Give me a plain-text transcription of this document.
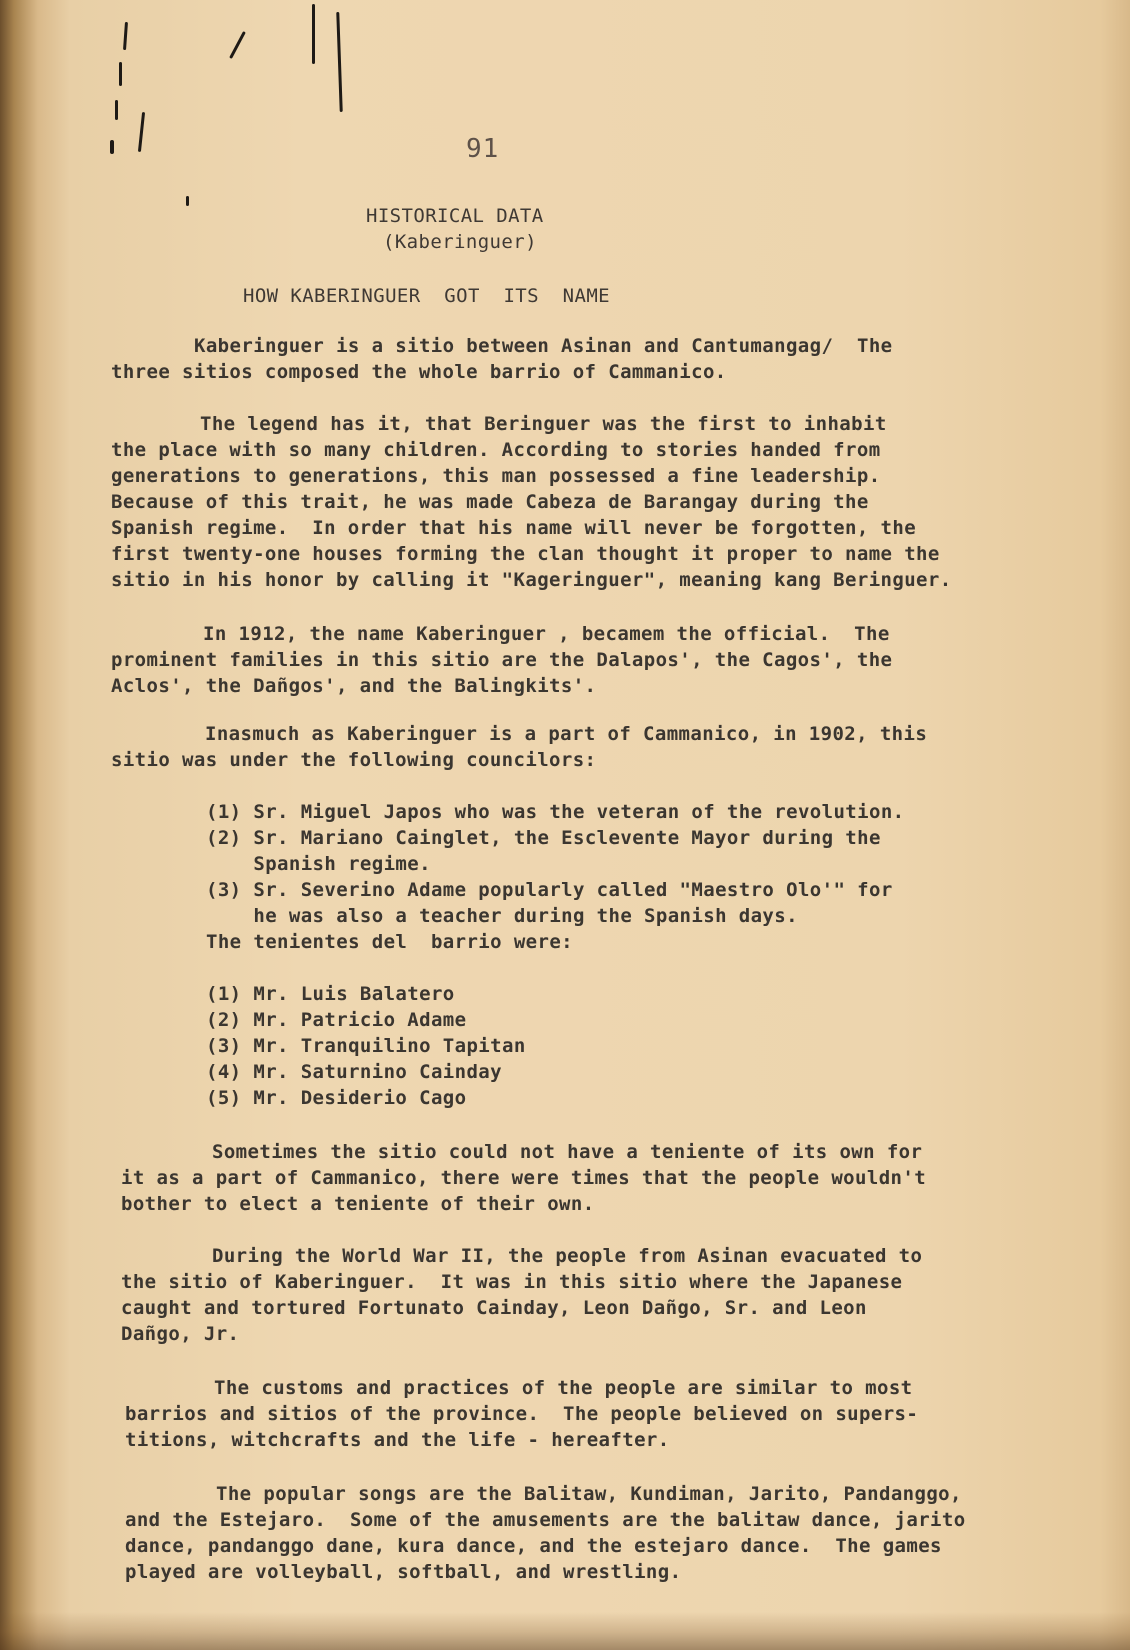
91

HISTORICAL DATA

(Kaberinguer)

HOW KABERINGUER  GOT  ITS  NAME

Kaberinguer is a sitio between Asinan and Cantumangag/  The

three sitios composed the whole barrio of Cammanico.

The legend has it, that Beringuer was the first to inhabit

the place with so many children. According to stories handed from

generations to generations, this man possessed a fine leadership.

Because of this trait, he was made Cabeza de Barangay during the

Spanish regime.  In order that his name will never be forgotten, the

first twenty-one houses forming the clan thought it proper to name the

sitio in his honor by calling it "Kageringuer", meaning kang Beringuer.

In 1912, the name Kaberinguer , becamem the official.  The

prominent families in this sitio are the Dalapos', the Cagos', the

Aclos', the Dañgos', and the Balingkits'.

Inasmuch as Kaberinguer is a part of Cammanico, in 1902, this

sitio was under the following councilors:

(1) Sr. Miguel Japos who was the veteran of the revolution.

(2) Sr. Mariano Cainglet, the Esclevente Mayor during the

Spanish regime.

(3) Sr. Severino Adame popularly called "Maestro Olo'" for

he was also a teacher during the Spanish days.

The tenientes del  barrio were:

(1) Mr. Luis Balatero

(2) Mr. Patricio Adame

(3) Mr. Tranquilino Tapitan

(4) Mr. Saturnino Cainday

(5) Mr. Desiderio Cago

Sometimes the sitio could not have a teniente of its own for

it as a part of Cammanico, there were times that the people wouldn't

bother to elect a teniente of their own.

During the World War II, the people from Asinan evacuated to

the sitio of Kaberinguer.  It was in this sitio where the Japanese

caught and tortured Fortunato Cainday, Leon Dañgo, Sr. and Leon

Dañgo, Jr.

The customs and practices of the people are similar to most

barrios and sitios of the province.  The people believed on supers-

titions, witchcrafts and the life - hereafter.

The popular songs are the Balitaw, Kundiman, Jarito, Pandanggo,

and the Estejaro.  Some of the amusements are the balitaw dance, jarito

dance, pandanggo dane, kura dance, and the estejaro dance.  The games

played are volleyball, softball, and wrestling.
